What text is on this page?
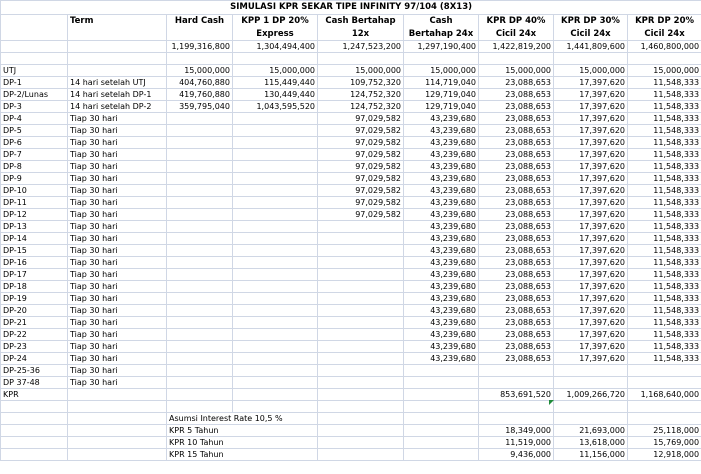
SIMULASI KPR SEKAR TIPE INFINITY 97/104 (8X13)								
	Term	Hard Cash	KPP 1 DP 20%	Cash Bertahap	Cash	KPR DP 40%	KPR DP 30%	KPR DP 20%
			Express	12x	Bertahap 24x	Cicil 24x	Cicil 24x	Cicil 24x
		1,199,316,800	1,304,494,400	1,247,523,200	1,297,190,400	1,422,819,200	1,441,809,600	1,460,800,000

UTJ		15,000,000	15,000,000	15,000,000	15,000,000	15,000,000	15,000,000	15,000,000
DP-1	14 hari setelah UTJ	404,760,880	115,449,440	109,752,320	114,719,040	23,088,653	17,397,620	11,548,333
DP-2/Lunas	14 hari setelah DP-1	419,760,880	130,449,440	124,752,320	129,719,040	23,088,653	17,397,620	11,548,333
DP-3	14 hari setelah DP-2	359,795,040	1,043,595,520	124,752,320	129,719,040	23,088,653	17,397,620	11,548,333
DP-4	Tiap 30 hari			97,029,582	43,239,680	23,088,653	17,397,620	11,548,333
DP-5	Tiap 30 hari			97,029,582	43,239,680	23,088,653	17,397,620	11,548,333
DP-6	Tiap 30 hari			97,029,582	43,239,680	23,088,653	17,397,620	11,548,333
DP-7	Tiap 30 hari			97,029,582	43,239,680	23,088,653	17,397,620	11,548,333
DP-8	Tiap 30 hari			97,029,582	43,239,680	23,088,653	17,397,620	11,548,333
DP-9	Tiap 30 hari			97,029,582	43,239,680	23,088,653	17,397,620	11,548,333
DP-10	Tiap 30 hari			97,029,582	43,239,680	23,088,653	17,397,620	11,548,333
DP-11	Tiap 30 hari			97,029,582	43,239,680	23,088,653	17,397,620	11,548,333
DP-12	Tiap 30 hari			97,029,582	43,239,680	23,088,653	17,397,620	11,548,333
DP-13	Tiap 30 hari				43,239,680	23,088,653	17,397,620	11,548,333
DP-14	Tiap 30 hari				43,239,680	23,088,653	17,397,620	11,548,333
DP-15	Tiap 30 hari				43,239,680	23,088,653	17,397,620	11,548,333
DP-16	Tiap 30 hari				43,239,680	23,088,653	17,397,620	11,548,333
DP-17	Tiap 30 hari				43,239,680	23,088,653	17,397,620	11,548,333
DP-18	Tiap 30 hari				43,239,680	23,088,653	17,397,620	11,548,333
DP-19	Tiap 30 hari				43,239,680	23,088,653	17,397,620	11,548,333
DP-20	Tiap 30 hari				43,239,680	23,088,653	17,397,620	11,548,333
DP-21	Tiap 30 hari				43,239,680	23,088,653	17,397,620	11,548,333
DP-22	Tiap 30 hari				43,239,680	23,088,653	17,397,620	11,548,333
DP-23	Tiap 30 hari				43,239,680	23,088,653	17,397,620	11,548,333
DP-24	Tiap 30 hari				43,239,680	23,088,653	17,397,620	11,548,333
DP-25-36	Tiap 30 hari							
DP 37-48	Tiap 30 hari							
KPR						853,691,520	1,009,266,720	1,168,640,000

		Asumsi Interest Rate 10,5 %						
		KPR 5 Tahun				18,349,000	21,693,000	25,118,000
		KPR 10 Tahun				11,519,000	13,618,000	15,769,000
		KPR 15 Tahun				9,436,000	11,156,000	12,918,000
